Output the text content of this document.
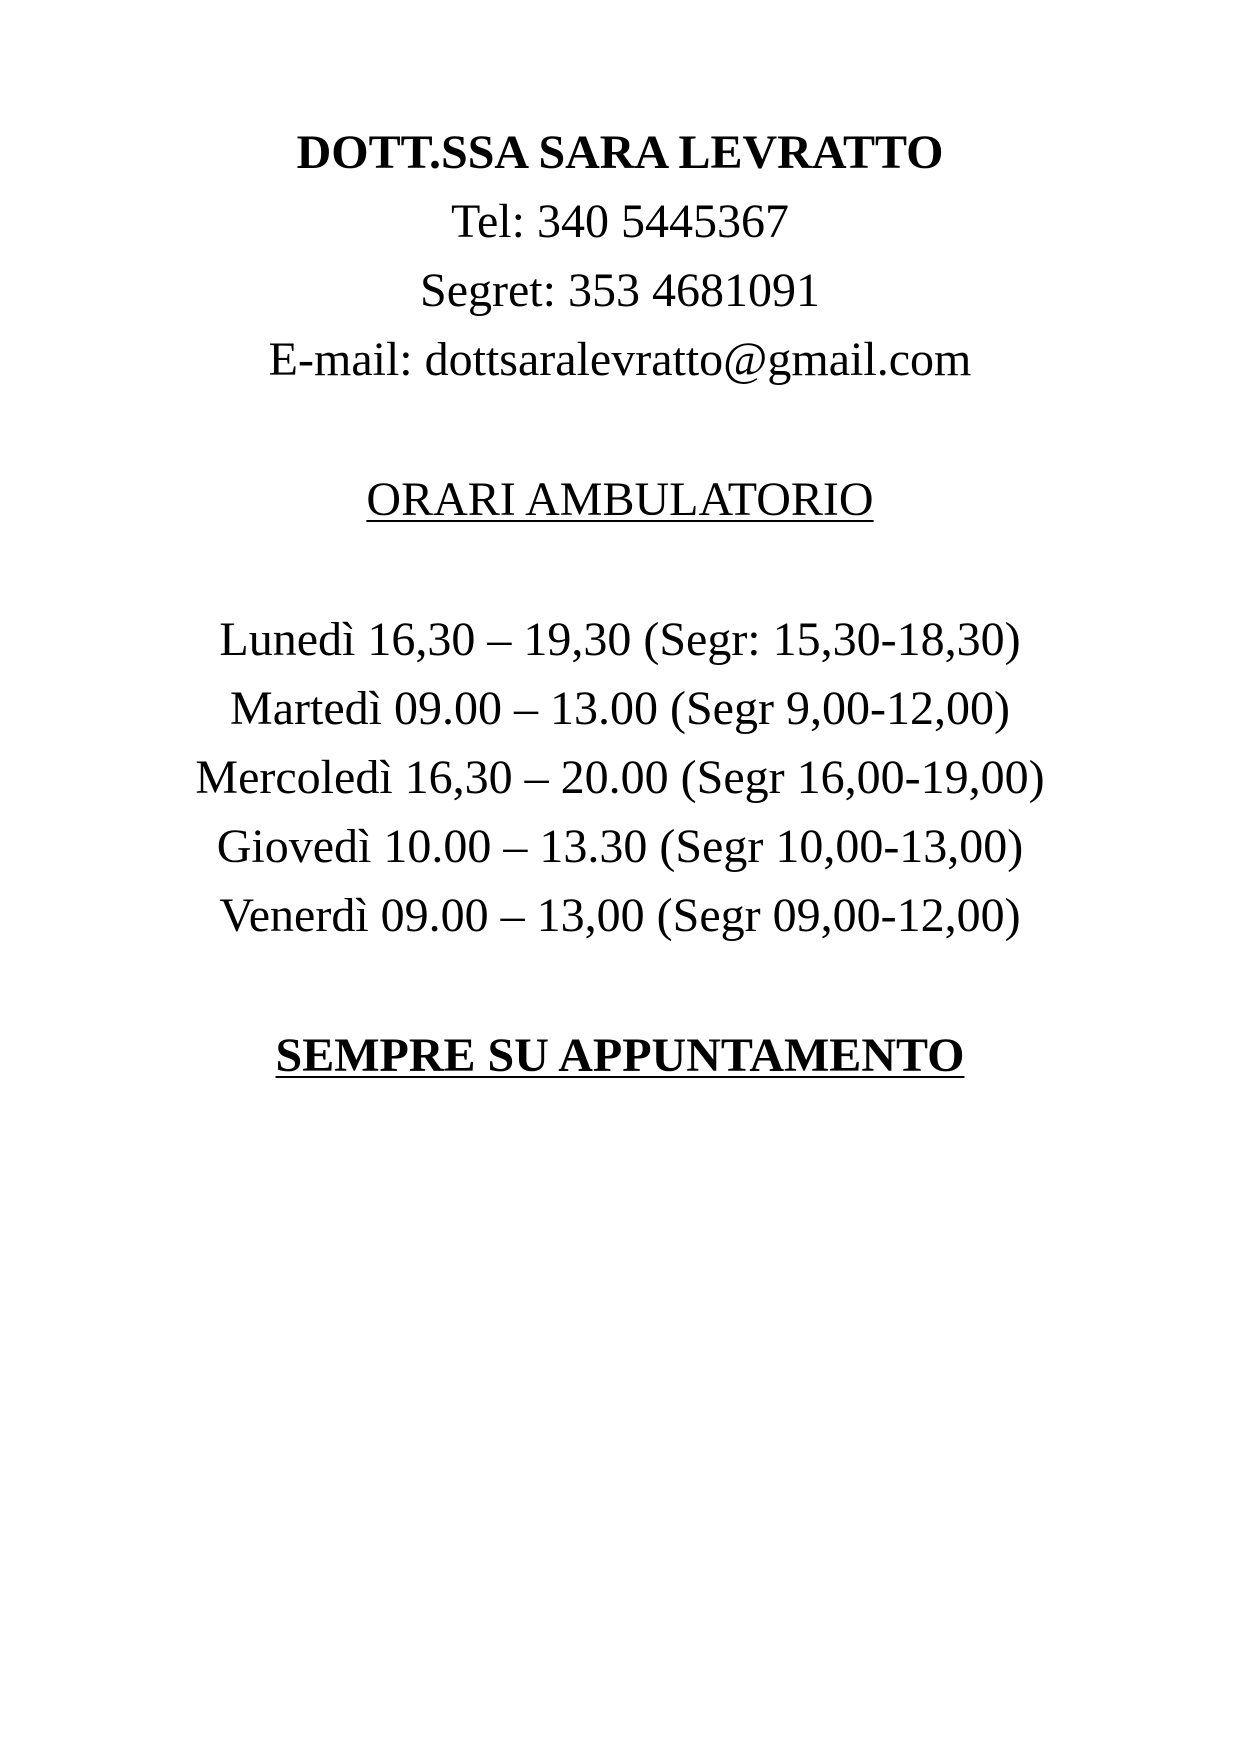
DOTT.SSA SARA LEVRATTO
Tel: 340 5445367
Segret: 353 4681091
E-mail: dottsaralevratto@gmail.com
ORARI AMBULATORIO
Lunedì 16,30 – 19,30 (Segr: 15,30-18,30)
Martedì 09.00 – 13.00 (Segr 9,00-12,00)
Mercoledì 16,30 – 20.00 (Segr 16,00-19,00)
Giovedì 10.00 – 13.30 (Segr 10,00-13,00)
Venerdì 09.00 – 13,00 (Segr 09,00-12,00)
SEMPRE SU APPUNTAMENTO
